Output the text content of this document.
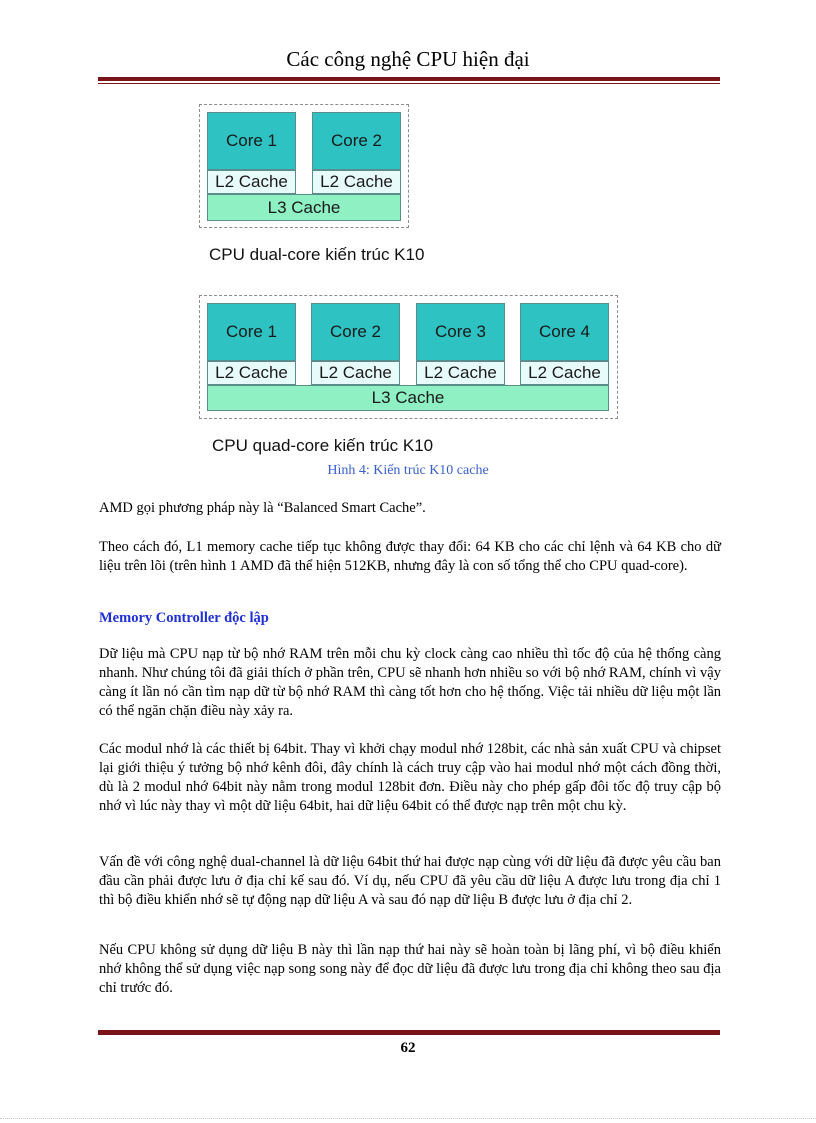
Các công nghệ CPU hiện đại
Core 1	Core 2
L2 Cache	L2 Cache
L3 Cache
CPU dual-core kiến trúc K10
Core 1	Core 2	Core 3	Core 4
L2 Cache	L2 Cache	L2 Cache	L2 Cache
L3 Cache
CPU quad-core kiến trúc K10
Hình 4: Kiến trúc K10 cache
AMD gọi phương pháp này là “Balanced Smart Cache”.
Theo cách đó, L1 memory cache tiếp tục không được thay đổi: 64 KB cho các chỉ lệnh và 64 KB cho dữ liệu trên lõi (trên hình 1 AMD đã thể hiện 512KB, nhưng đây là con số tổng thể cho CPU quad-core).
Memory Controller độc lập
Dữ liệu mà CPU nạp từ bộ nhớ RAM trên mỗi chu kỳ clock càng cao nhiều thì tốc độ của hệ thống càng nhanh. Như chúng tôi đã giải thích ở phần trên, CPU sẽ nhanh hơn nhiều so với bộ nhớ RAM, chính vì vậy càng ít lần nó cần tìm nạp dữ từ bộ nhớ RAM thì càng tốt hơn cho hệ thống. Việc tải nhiều dữ liệu một lần có thể ngăn chặn điều này xảy ra.
Các modul nhớ là các thiết bị 64bit. Thay vì khởi chạy modul nhớ 128bit, các nhà sản xuất CPU và chipset lại giới thiệu ý tưởng bộ nhớ kênh đôi, đây chính là cách truy cập vào hai modul nhớ một cách đồng thời, dù là 2 modul nhớ 64bit này nằm trong modul 128bit đơn. Điều này cho phép gấp đôi tốc độ truy cập bộ nhớ vì lúc này thay vì một dữ liệu 64bit, hai dữ liệu 64bit có thể được nạp trên một chu kỳ.
Vấn đề với công nghệ dual-channel là dữ liệu 64bit thứ hai được nạp cùng với dữ liệu đã được yêu cầu ban đầu cần phải được lưu ở địa chỉ kế sau đó. Ví dụ, nếu CPU đã yêu cầu dữ liệu A được lưu trong địa chỉ 1 thì bộ điều khiển nhớ sẽ tự động nạp dữ liệu A và sau đó nạp dữ liệu B được lưu ở địa chỉ 2.
Nếu CPU không sử dụng dữ liệu B này thì lần nạp thứ hai này sẽ hoàn toàn bị lãng phí, vì bộ điều khiển nhớ không thể sử dụng việc nạp song song này để đọc dữ liệu đã được lưu trong địa chỉ không theo sau địa chỉ trước đó.
62
